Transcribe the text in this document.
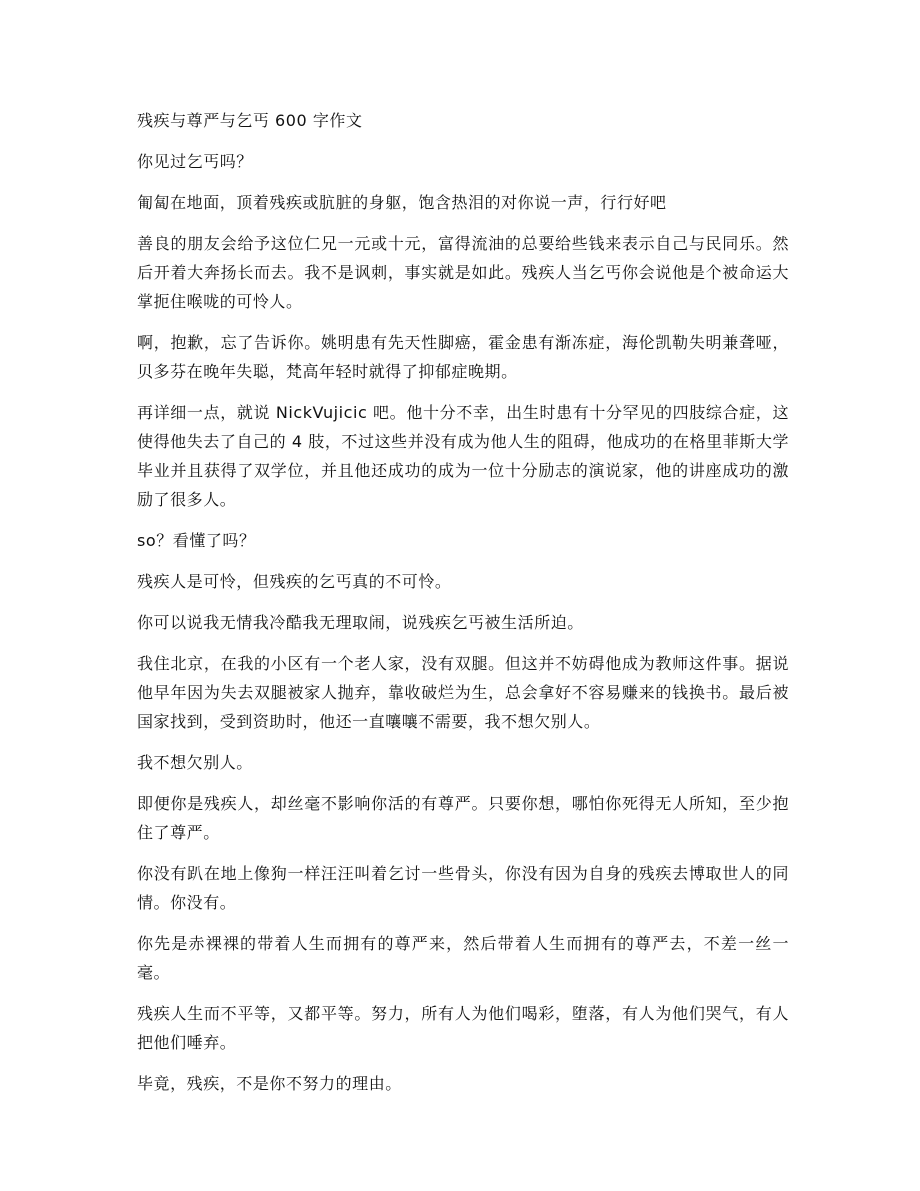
残疾与尊严与乞丐 600 字作文

你见过乞丐吗？

匍匐在地面，顶着残疾或肮脏的身躯，饱含热泪的对你说一声，行行好吧

善良的朋友会给予这位仁兄一元或十元，富得流油的总要给些钱来表示自己与民同乐。然后开着大奔扬长而去。我不是讽刺，事实就是如此。残疾人当乞丐你会说他是个被命运大掌扼住喉咙的可怜人。

啊，抱歉，忘了告诉你。姚明患有先天性脚癌，霍金患有渐冻症，海伦凯勒失明兼聋哑，贝多芬在晚年失聪，梵高年轻时就得了抑郁症晚期。

再详细一点，就说 NickVujicic 吧。他十分不幸，出生时患有十分罕见的四肢综合症，这使得他失去了自己的 4 肢，不过这些并没有成为他人生的阻碍，他成功的在格里菲斯大学毕业并且获得了双学位，并且他还成功的成为一位十分励志的演说家，他的讲座成功的激励了很多人。

so？看懂了吗？

残疾人是可怜，但残疾的乞丐真的不可怜。

你可以说我无情我冷酷我无理取闹，说残疾乞丐被生活所迫。

我住北京，在我的小区有一个老人家，没有双腿。但这并不妨碍他成为教师这件事。据说他早年因为失去双腿被家人抛弃，靠收破烂为生，总会拿好不容易赚来的钱换书。最后被国家找到，受到资助时，他还一直嚷嚷不需要，我不想欠别人。

我不想欠别人。

即便你是残疾人，却丝毫不影响你活的有尊严。只要你想，哪怕你死得无人所知，至少抱住了尊严。

你没有趴在地上像狗一样汪汪叫着乞讨一些骨头，你没有因为自身的残疾去博取世人的同情。你没有。

你先是赤裸裸的带着人生而拥有的尊严来，然后带着人生而拥有的尊严去，不差一丝一毫。

残疾人生而不平等，又都平等。努力，所有人为他们喝彩，堕落，有人为他们哭气，有人把他们唾弃。

毕竟，残疾，不是你不努力的理由。
